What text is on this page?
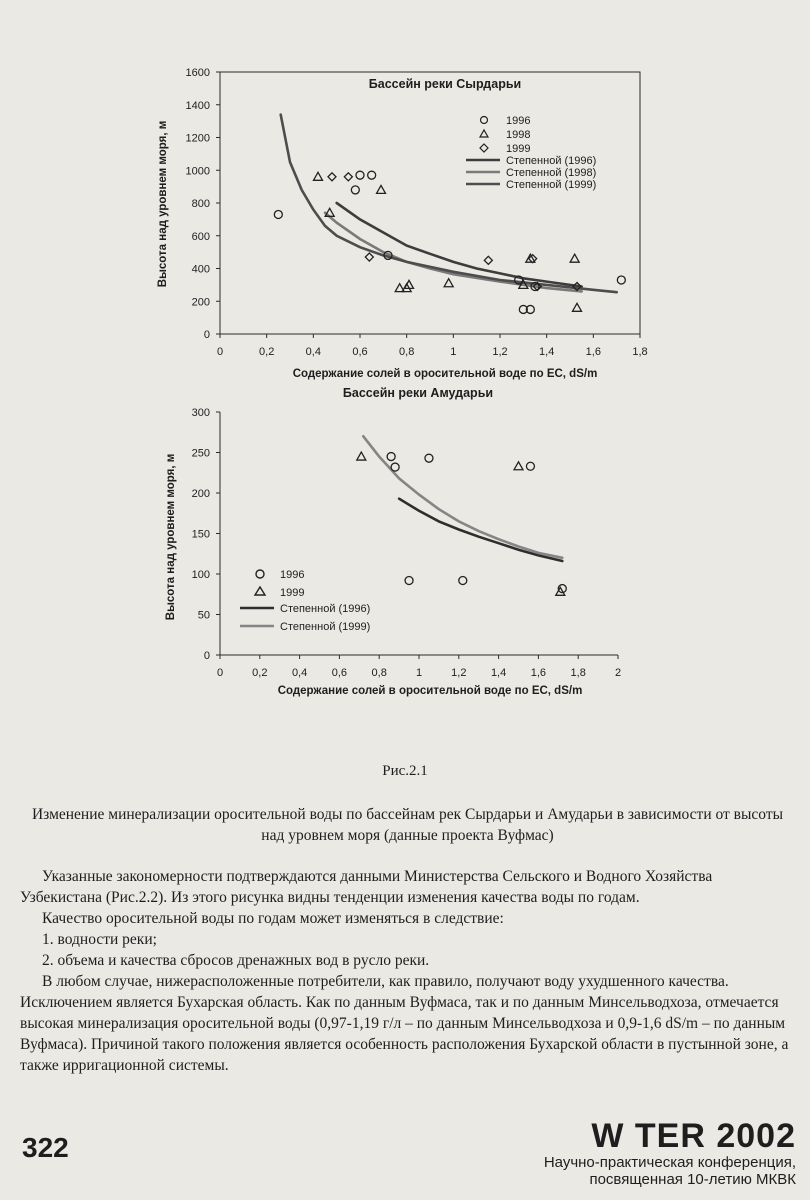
Бассейн реки Сырдарьи
0
200
400
600
800
1000
1200
1400
1600
0	0,2	0,4	0,6	0,8	1	1,2	1,4	1,6	1,8
Высота над уровнем моря, м
Содержание солей в оросительной воде по EC, dS/m
1996
1998
1999
Степенной (1996)
Степенной (1998)
Степенной (1999)
Бассейн реки Амударьи
0
50
100
150
200
250
300
0	0,2 0,4 0,6 0,8	1	1,2 1,4 1,6 1,8	2
Высота над уровнем моря, м
Содержание солей в оросительной воде по EC, dS/m
1996
1999
Степенной (1996)
Степенной (1999)
Рис.2.1
Изменение минерализации оросительной воды по бассейнам рек Сырдарьи и Амударьи в зависимости от высоты над уровнем моря (данные проекта Вуфмас)

Указанные закономерности подтверждаются данными Министерства Сельского и Водного Хозяйства Узбекистана (Рис.2.2). Из этого рисунка видны тенденции изменения качества воды по годам.

Качество оросительной воды по годам может изменяться в следствие:

1. водности реки;

2. объема и качества сбросов дренажных вод в русло реки.

В любом случае, нижерасположенные потребители, как правило, получают воду ухудшенного качества. Исключением является Бухарская область. Как по данным Вуфмаса, так и по данным Минсельводхоза, отмечается высокая минерализация оросительной воды (0,97-1,19 г/л – по данным Минсельводхоза и 0,9-1,6 dS/m – по данным Вуфмаса). Причиной такого положения является особенность расположения Бухарской области в пустынной зоне, а также ирригационной системы.

322	W TER 2002
Научно-практическая конференция,
посвященная 10-летию МКВК
